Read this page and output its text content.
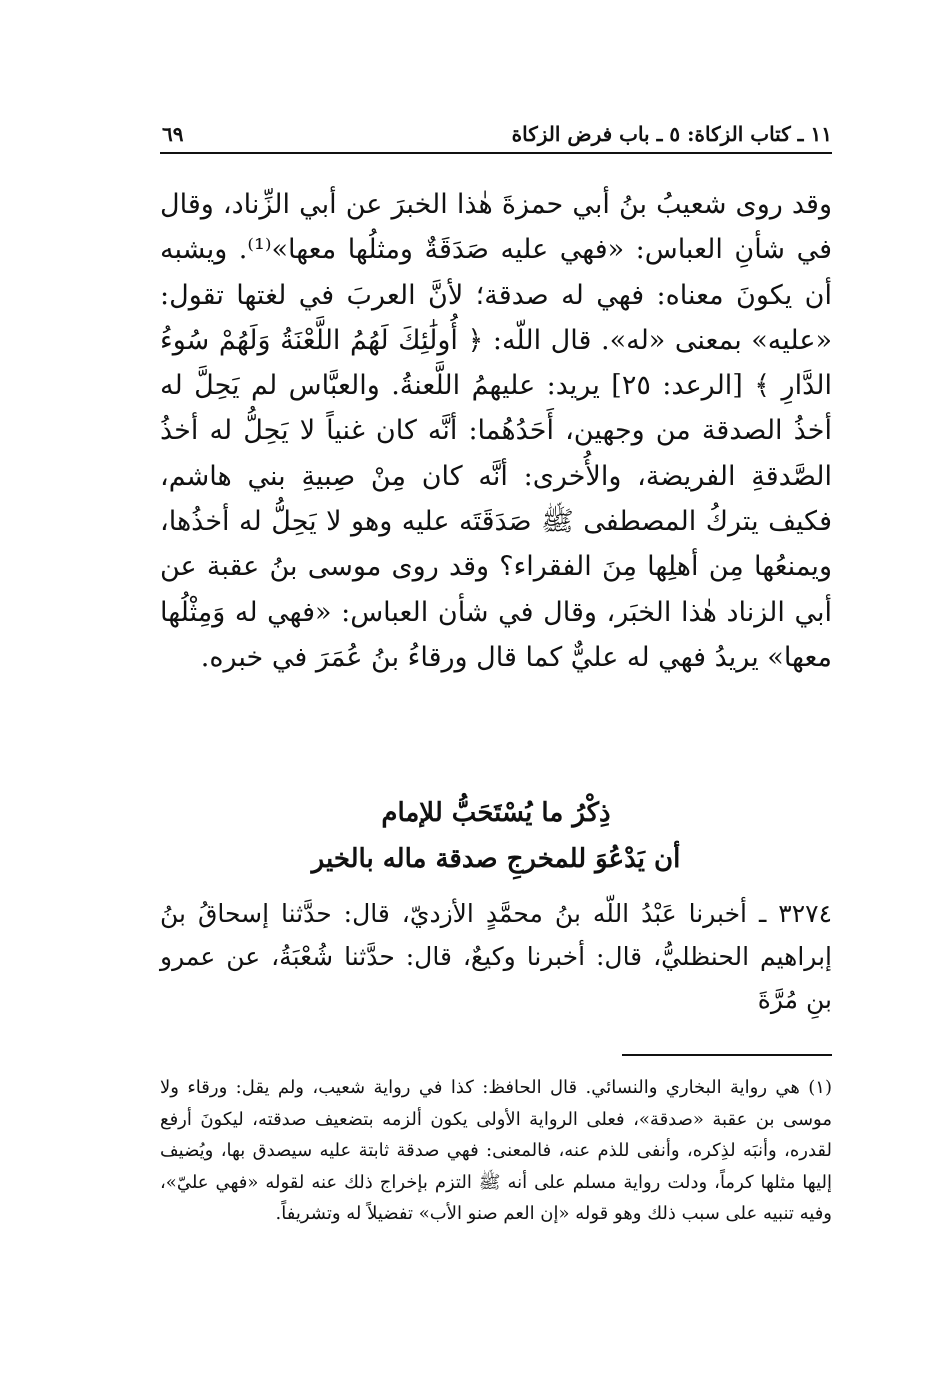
١١ ـ كتاب الزكاة: ٥ ـ باب فرض الزكاة
٦٩

وقد روى شعيبُ بنُ أبي حمزةَ هٰذا الخبرَ عن أبي الزِّناد، وقال في شأنِ العباس: «فهي عليه صَدَقَةٌ ومثلُها معها»⁽¹⁾. ويشبه أن يكونَ معناه: فهي له صدقة؛ لأنَّ العربَ في لغتها تقول: «عليه» بمعنى «له». قال اللّه: ﴿ أُولَٰئِكَ لَهُمُ اللَّعْنَةُ وَلَهُمْ سُوءُ الدَّارِ ﴾ [الرعد: ٢٥] يريد: عليهمُ اللَّعنةُ. والعبَّاس لم يَحِلَّ له أخذُ الصدقة من وجهين، أَحَدُهُما: أنَّه كان غنياً لا يَحِلُّ له أخذُ الصَّدقةِ الفريضة، والأُخرى: أنَّه كان مِنْ صِبيةِ بني هاشم، فكيف يتركُ المصطفى ﷺ صَدَقَتَه عليه وهو لا يَحِلُّ له أخذُها، ويمنعُها مِن أهلِها مِنَ الفقراء؟ وقد روى موسى بنُ عقبة عن أبي الزناد هٰذا الخبَر، وقال في شأن العباس: «فهي له وَمِثْلُها معها» يريدُ فهي له عليٌّ كما قال ورقاءُ بنُ عُمَرَ في خبره.

ذِكْرُ ما يُسْتَحَبُّ للإمام
أن يَدْعُوَ للمخرجِ صدقة ماله بالخير

٣٢٧٤ ـ أخبرنا عَبْدُ اللّه بنُ محمَّدٍ الأزديّ، قال: حدَّثنا إسحاقُ بنُ إبراهيم الحنظليُّ، قال: أخبرنا وكيعٌ، قال: حدَّثنا شُعْبَةُ، عن عمرو بنِ مُرَّةَ

(١) هي رواية البخاري والنسائي. قال الحافظ: كذا في رواية شعيب، ولم يقل: ورقاء ولا موسى بن عقبة «صدقة»، فعلى الرواية الأولى يكون ألزمه بتضعيف صدقته، ليكونَ أرفع لقدره، وأنبَه لذِكره، وأنفى للذم عنه، فالمعنى: فهي صدقة ثابتة عليه سيصدق بها، ويُضيف إليها مثلها كرماً، ودلت رواية مسلم على أنه ﷺ التزم بإخراج ذلك عنه لقوله «فهي عليّ»، وفيه تنبيه على سبب ذلك وهو قوله «إن العم صنو الأب» تفضيلاً له وتشريفاً.
